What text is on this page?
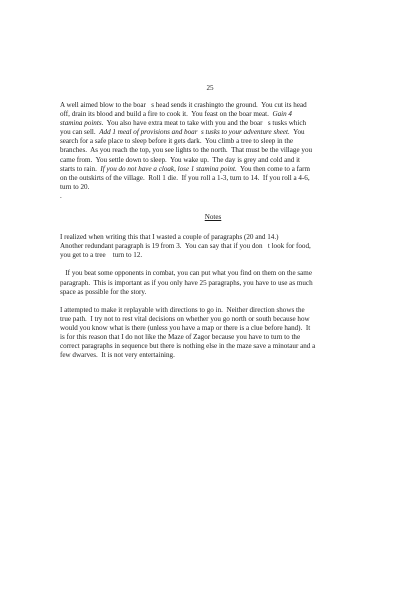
25
A well aimed blow to the boar   s head sends it crashingto the ground.  You cut its head
off, drain its blood and build a fire to cook it.  You feast on the boar meat.  Gain 4
stamina points.  You also have extra meat to take with you and the boar   s tusks which
you can sell.  Add 1 meal of provisions and boar  s tusks to your adventure sheet.  You
search for a safe place to sleep before it gets dark.  You climb a tree to sleep in the
branches.  As you reach the top, you see lights to the north.  That must be the village you
came from.  You settle down to sleep.  You wake up.  The day is grey and cold and it
starts to rain.  If you do not have a cloak, lose 1 stamina point.  You then come to a farm
on the outskirts of the village.  Roll 1 die.  If you roll a 1-3, turn to 14.  If you roll a 4-6,
turn to 20.
.
Notes
I realized when writing this that I wasted a couple of paragraphs (20 and 14.)
Another redundant paragraph is 19 from 3.  You can say that if you don   t look for food,
you get to a tree    turn to 12.
If you beat some opponents in combat, you can put what you find on them on the same
paragraph.  This is important as if you only have 25 paragraphs, you have to use as much
space as possible for the story.
I attempted to make it replayable with directions to go in.  Neither direction shows the
true path.  I try not to rest vital decisions on whether you go north or south because how
would you know what is there (unless you have a map or there is a clue before hand).  It
is for this reason that I do not like the Maze of Zagor because you have to turn to the
correct paragraphs in sequence but there is nothing else in the maze save a minotaur and a
few dwarves.  It is not very entertaining.
